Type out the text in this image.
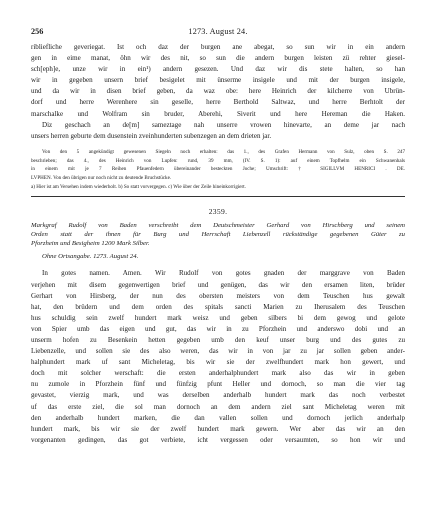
256	1273. August 24.
ribliefliche geveriegat. Ist och daz der burgen ane abegat, so sun wir in ein andern
gen in eime manat, öhn wir des nit, so sun die andern burgen leisten zü rehter giesel-
sch[eph]e, unze wir in ein¹) andern gesezen. Und daz wir dis stete halten, so han
wir in gegeben unsern brief besigelet mit ünserme insigele und mit der burgen insigele,
und da wir in disen brief geben, da waz obe: here Heinrich der kilcherre von Ubrün-
dorf und herre Werenhere sin geselle, herre Berthold Saltwaz, und herre Berhtolt der
marschalke und Wolfram sin bruder, Aberehi, Siverit und here Hereman die Haken.
Diz geschach an de[m] sameztage nah unserre vrowen hinevarte, an deme jar nach
unsers herren geburte dem dusenstein zveinhunderten subenzegen an dem drieten jar.
Von den 5 angekündigt gewesenen Siegeln noch erhalten: das 1., des Grafen Hermann von Sulz, oben S. 247
beschrieben; das 4., des Heinrich von Lupfen: rund, 39 mm, (IV. S. 1): auf einem Topfhelm ein Schwanenhals
in einem mit je 7 Reihen Pfauenfedern übereinander besteckten Joche; Umschrift: † SIGILLVM HENRICI . DE.
LVPHEN. Von den übrigen nur noch nicht zu deutende Bruchstücke.
a) Hier ist am Versehen indem wiederholt. b) So statt vorvergegen. c) Wie über der Zeile hineinkorrigiert.
2359.
Markgraf Rudolf von Baden verschreibt dem Deutschmeister Gerhard von Hirschberg und seinem
Orden statt der ihnen für Burg und Herrschaft Liebenzell rückständige gegebenen Güter zu
Pforzheim und Besigheim 1200 Mark Silber.
Ohne Ortsangabe. 1273. August 24.
In gotes namen. Amen. Wir Rudolf von gotes gnaden der marggrave von Baden
verjehen mit disem gegenwertigen brief und genügen, das wir den ersamen liten, brüder
Gerhart von Hirsberg, der nun des obersten meisters von dem Teuschen hus gewalt
hat, den brüdern und dem orden des spitals sancti Marien zu Iherusalem des Teuschen
hus schuldig sein zwelf hundert mark weisz und geben silbers bi dem gewog und gelote
von Spier umb das eigen und gut, das wir in zu Pforzhein und anderswo dobi und an
unserm hofen zu Besenkein hetten gegeben umb den keuf unser burg und des gutes zu
Liebenzelle, und sollen sie des also weren, das wir in von jar zu jar sollen geben ander-
halphundert mark uf sant Micheletag, bis wir sie der zwelfhundert mark hon gewert, und
doch mit solcher werschaft: die ersten anderhalphundert mark also das wir in geben
nu zumole in Pforzhein fünf und fünfzig pfunt Heller und dornoch, so man die vier tag
gevastet, vierzig mark, und was derselben anderhalb hundert mark das noch verbestet
uf das erste ziel, die sol man dornoch an dem andern ziel sant Micheletag weren mit
den anderhalb hundert marken, die dan vallen sollen und dornoch jerlich anderhalp
hundert mark, bis wir sie der zwelf hundert mark gewern. Wer aber das wir an den
vorgenanten gedingen, das got verbiete, icht vergessen oder versaumten, so hon wir und
